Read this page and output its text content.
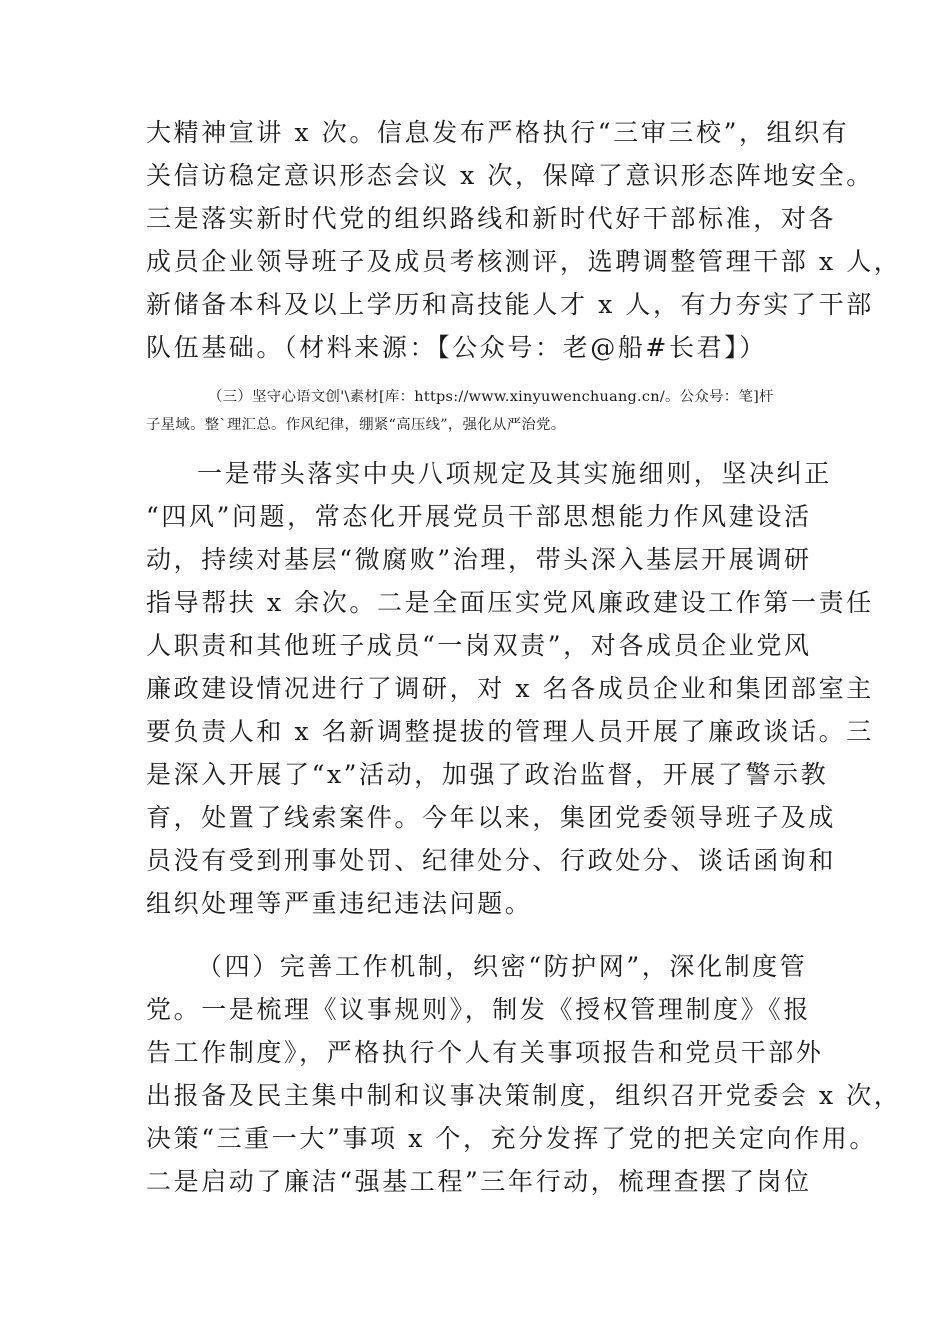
大精神宣讲 x 次。信息发布严格执行“三审三校”，组织有
关信访稳定意识形态会议 x 次，保障了意识形态阵地安全。
三是落实新时代党的组织路线和新时代好干部标准，对各
成员企业领导班子及成员考核测评，选聘调整管理干部 x 人，
新储备本科及以上学历和高技能人才 x 人，有力夯实了干部
队伍基础。（材料来源：【公众号：老@船#长君】）
（三）坚守心语文创'\素材[库：https://www.xinyuwenchuang.cn/。公众号：笔]杆
子星域。整`理汇总。作风纪律，绷紧“高压线”，强化从严治党。
一是带头落实中央八项规定及其实施细则，坚决纠正
“四风”问题，常态化开展党员干部思想能力作风建设活
动，持续对基层“微腐败”治理，带头深入基层开展调研
指导帮扶 x 余次。二是全面压实党风廉政建设工作第一责任
人职责和其他班子成员“一岗双责”，对各成员企业党风
廉政建设情况进行了调研，对 x 名各成员企业和集团部室主
要负责人和 x 名新调整提拔的管理人员开展了廉政谈话。三
是深入开展了“x”活动，加强了政治监督，开展了警示教
育，处置了线索案件。今年以来，集团党委领导班子及成
员没有受到刑事处罚、纪律处分、行政处分、谈话函询和
组织处理等严重违纪违法问题。
（四）完善工作机制，织密“防护网”，深化制度管
党。一是梳理《议事规则》，制发《授权管理制度》《报
告工作制度》，严格执行个人有关事项报告和党员干部外
出报备及民主集中制和议事决策制度，组织召开党委会 x 次，
决策“三重一大”事项 x 个，充分发挥了党的把关定向作用。
二是启动了廉洁“强基工程”三年行动，梳理查摆了岗位
